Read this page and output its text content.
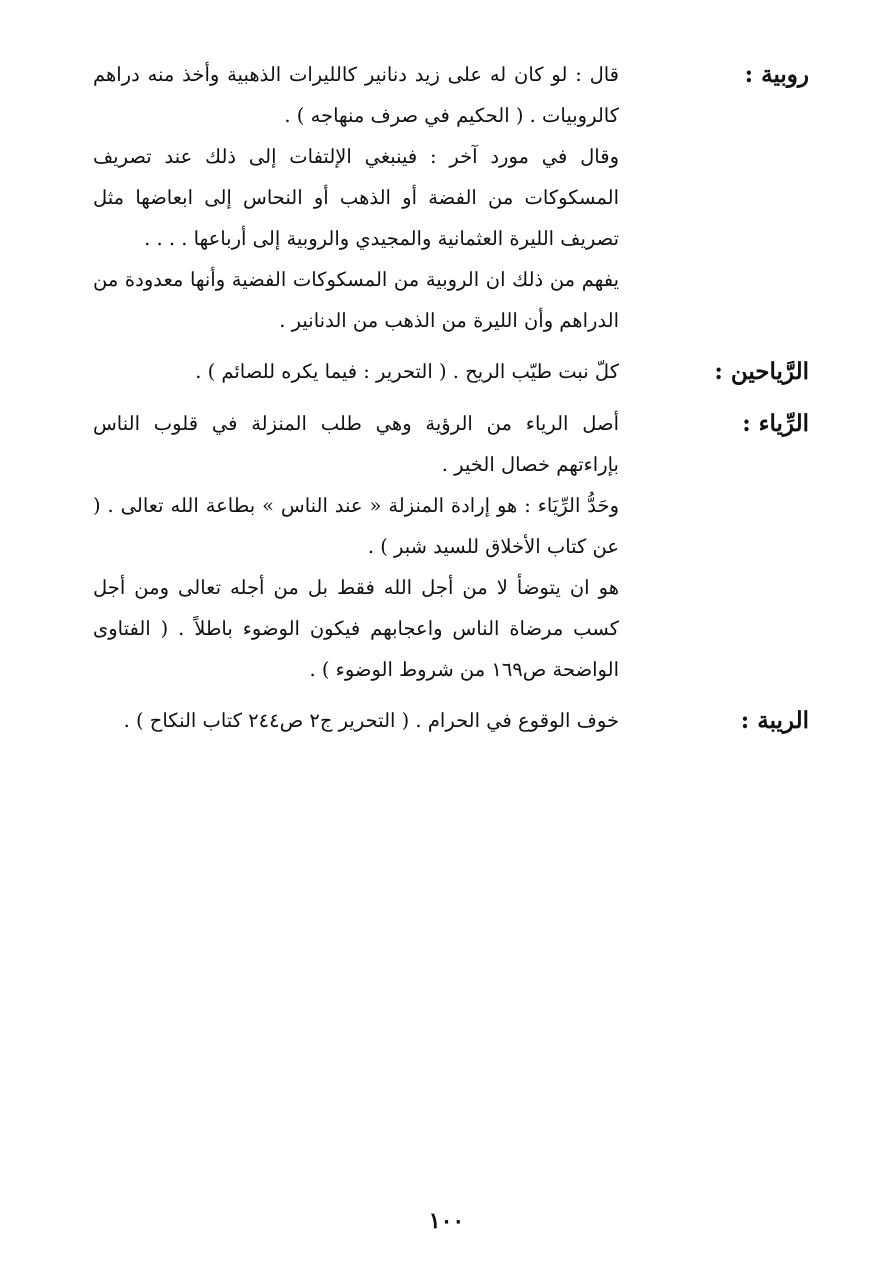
روبية :

قال : لو كان له على زيد دنانير كالليرات الذهبية وأخذ منه دراهم كالروبيات . ( الحكيم في صرف منهاجه ) .

وقال في مورد آخر : فينبغي الإلتفات إلى ذلك عند تصريف المسكوكات من الفضة أو الذهب أو النحاس إلى ابعاضها مثل تصريف الليرة العثمانية والمجيدي والروبية إلى أرباعها . . . .

يفهم من ذلك ان الروبية من المسكوكات الفضية وأنها معدودة من الدراهم وأن الليرة من الذهب من الدنانير .

الرَّياحين :

كلّ نبت طيّب الريح . ( التحرير : فيما يكره للصائم ) .

الرِّياء :

أصل الرياء من الرؤية وهي طلب المنزلة في قلوب الناس بإراءتهم خصال الخير .

وحَدُّ الرِّيَاء : هو إرادة المنزلة « عند الناس » بطاعة الله تعالى . ( عن كتاب الأخلاق للسيد شبر ) .

هو ان يتوضأ لا من أجل الله فقط بل من أجله تعالى ومن أجل كسب مرضاة الناس واعجابهم فيكون الوضوء باطلاً . ( الفتاوى الواضحة ص١٦٩ من شروط الوضوء ) .

الريبة :

خوف الوقوع في الحرام . ( التحرير ج٢ ص٢٤٤ كتاب النكاح ) .

١٠٠
